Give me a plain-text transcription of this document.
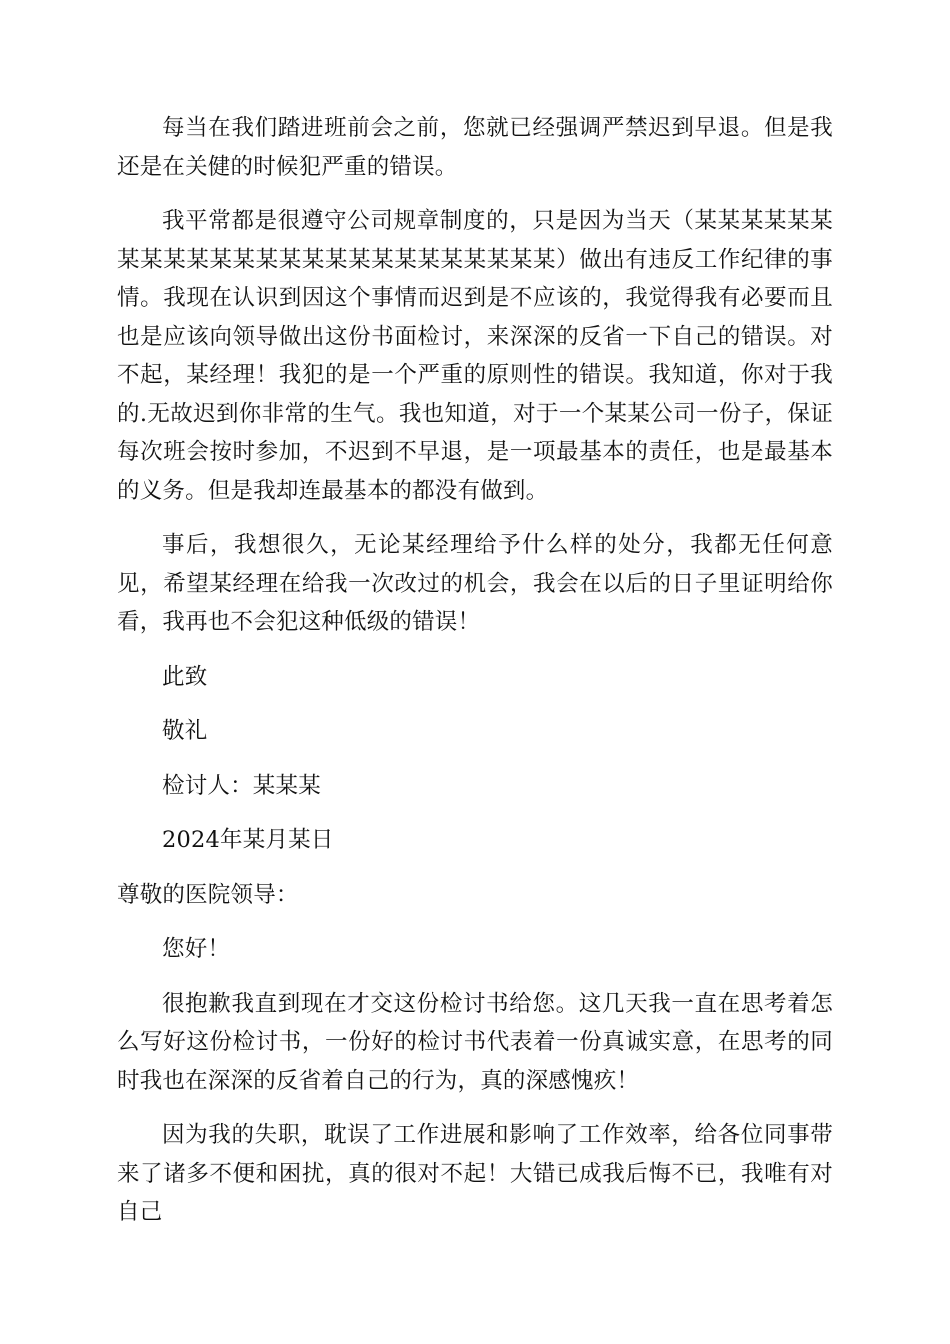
每当在我们踏进班前会之前，您就已经强调严禁迟到早退。但是我还是在关健的时候犯严重的错误。

我平常都是很遵守公司规章制度的，只是因为当天（某某某某某某某某某某某某某某某某某某某某某某某某某）做出有违反工作纪律的事情。我现在认识到因这个事情而迟到是不应该的，我觉得我有必要而且也是应该向领导做出这份书面检讨，来深深的反省一下自己的错误。对不起，某经理！我犯的是一个严重的原则性的错误。我知道，你对于我的.无故迟到你非常的生气。我也知道，对于一个某某公司一份子，保证每次班会按时参加，不迟到不早退，是一项最基本的责任，也是最基本的义务。但是我却连最基本的都没有做到。

事后，我想很久，无论某经理给予什么样的处分，我都无任何意见，希望某经理在给我一次改过的机会，我会在以后的日子里证明给你看，我再也不会犯这种低级的错误！

此致

敬礼

检讨人：某某某

2024年某月某日

尊敬的医院领导：

您好！

很抱歉我直到现在才交这份检讨书给您。这几天我一直在思考着怎么写好这份检讨书，一份好的检讨书代表着一份真诚实意，在思考的同时我也在深深的反省着自己的行为，真的深感愧疚！

因为我的失职，耽误了工作进展和影响了工作效率，给各位同事带来了诸多不便和困扰，真的很对不起！大错已成我后悔不已，我唯有对自己
